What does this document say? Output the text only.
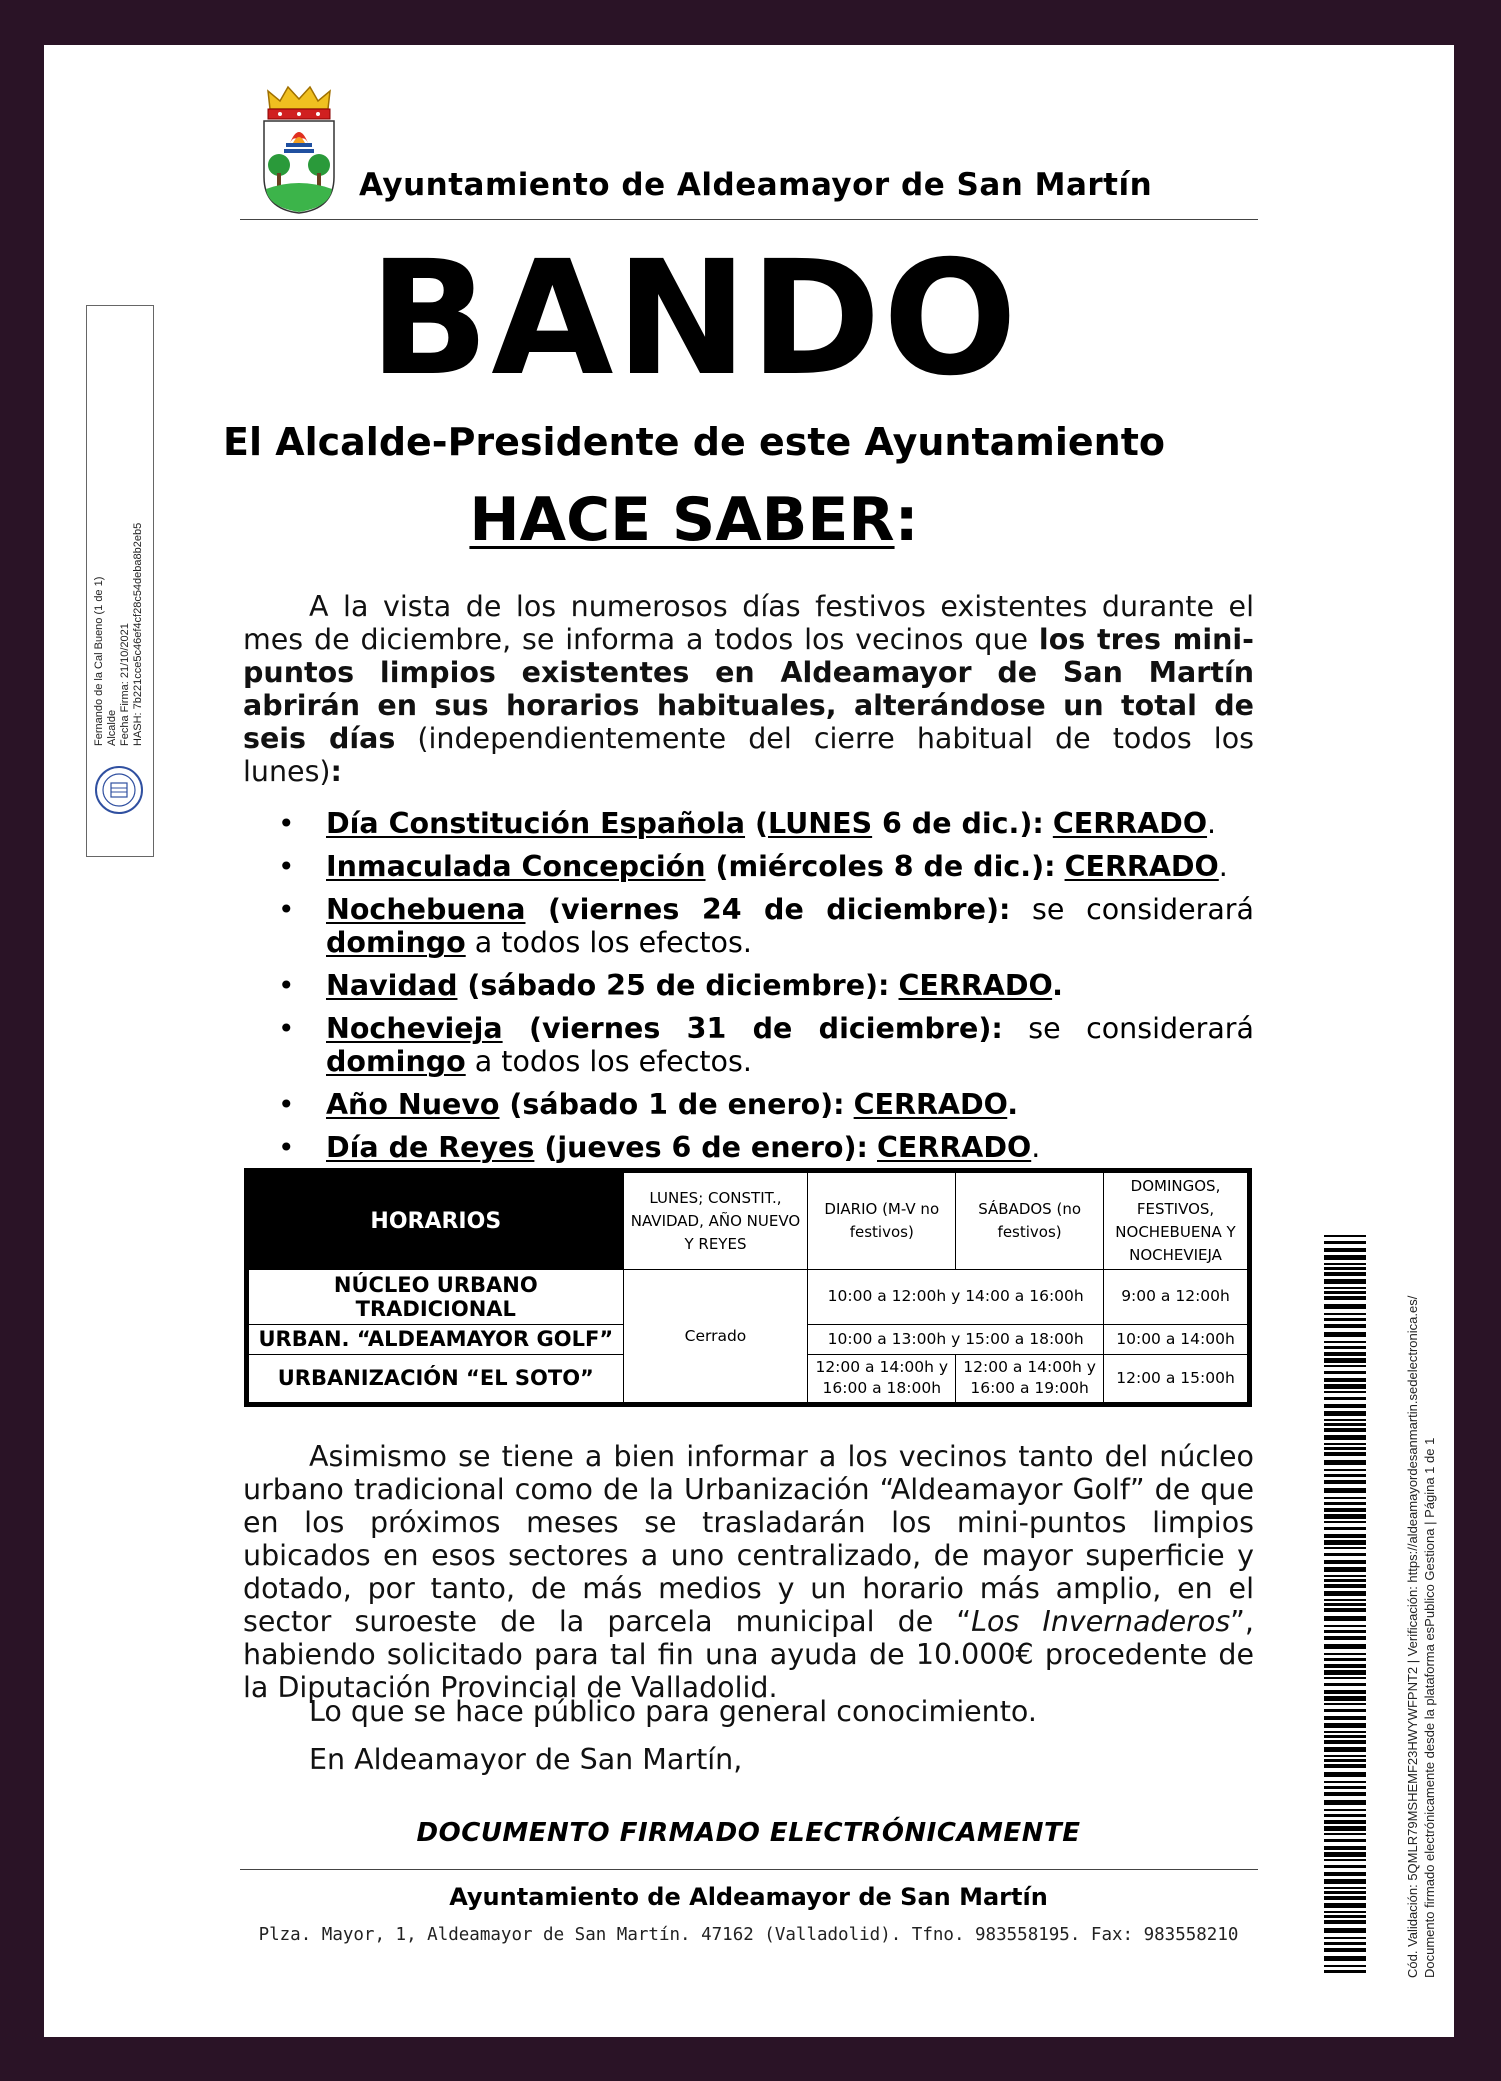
Ayuntamiento de Aldeamayor de San Martín
BANDO
El Alcalde-Presidente de este Ayuntamiento
HACE SABER:
A la vista de los numerosos días festivos existentes durante el mes de diciembre, se informa a todos los vecinos que los tres mini-puntos limpios existentes en Aldeamayor de San Martín abrirán en sus horarios habituales, alterándose un total de seis días (independientemente del cierre habitual de todos los lunes):
• Día Constitución Española (LUNES 6 de dic.): CERRADO.
• Inmaculada Concepción (miércoles 8 de dic.): CERRADO.
• Nochebuena (viernes 24 de diciembre): se considerará domingo a todos los efectos.
• Navidad (sábado 25 de diciembre): CERRADO.
• Nochevieja (viernes 31 de diciembre): se considerará domingo a todos los efectos.
• Año Nuevo (sábado 1 de enero): CERRADO.
• Día de Reyes (jueves 6 de enero): CERRADO.
HORARIOS	LUNES; CONSTIT., NAVIDAD, AÑO NUEVO Y REYES	DIARIO (M-V no festivos)	SÁBADOS (no festivos)	DOMINGOS, FESTIVOS, NOCHEBUENA Y NOCHEVIEJA
NÚCLEO URBANO TRADICIONAL	Cerrado	10:00 a 12:00h y 14:00 a 16:00h		9:00 a 12:00h
URBAN. “ALDEAMAYOR GOLF”		10:00 a 13:00h y 15:00 a 18:00h		10:00 a 14:00h
URBANIZACIÓN “EL SOTO”		12:00 a 14:00h y 16:00 a 18:00h	12:00 a 14:00h y 16:00 a 19:00h	12:00 a 15:00h
Asimismo se tiene a bien informar a los vecinos tanto del núcleo urbano tradicional como de la Urbanización “Aldeamayor Golf” de que en los próximos meses se trasladarán los mini-puntos limpios ubicados en esos sectores a uno centralizado, de mayor superficie y dotado, por tanto, de más medios y un horario más amplio, en el sector suroeste de la parcela municipal de “Los Invernaderos”, habiendo solicitado para tal fin una ayuda de 10.000€ procedente de la Diputación Provincial de Valladolid.
Lo que se hace público para general conocimiento.
En Aldeamayor de San Martín,
DOCUMENTO FIRMADO ELECTRÓNICAMENTE
Ayuntamiento de Aldeamayor de San Martín
Plza. Mayor, 1, Aldeamayor de San Martín. 47162 (Valladolid). Tfno. 983558195. Fax: 983558210
Fernando de la Cal Bueno (1 de 1) Alcalde Fecha Firma: 21/10/2021 HASH: 7b221cce5c46ef4cf28c54deba8b2eb5
Cód. Validación: 5QMLR79MSHEMF23HWYWFPNT2 | Verificación: https://aldeamayordesanmartin.sedelectronica.es/ Documento firmado electrónicamente desde la plataforma esPublico Gestiona | Página 1 de 1
